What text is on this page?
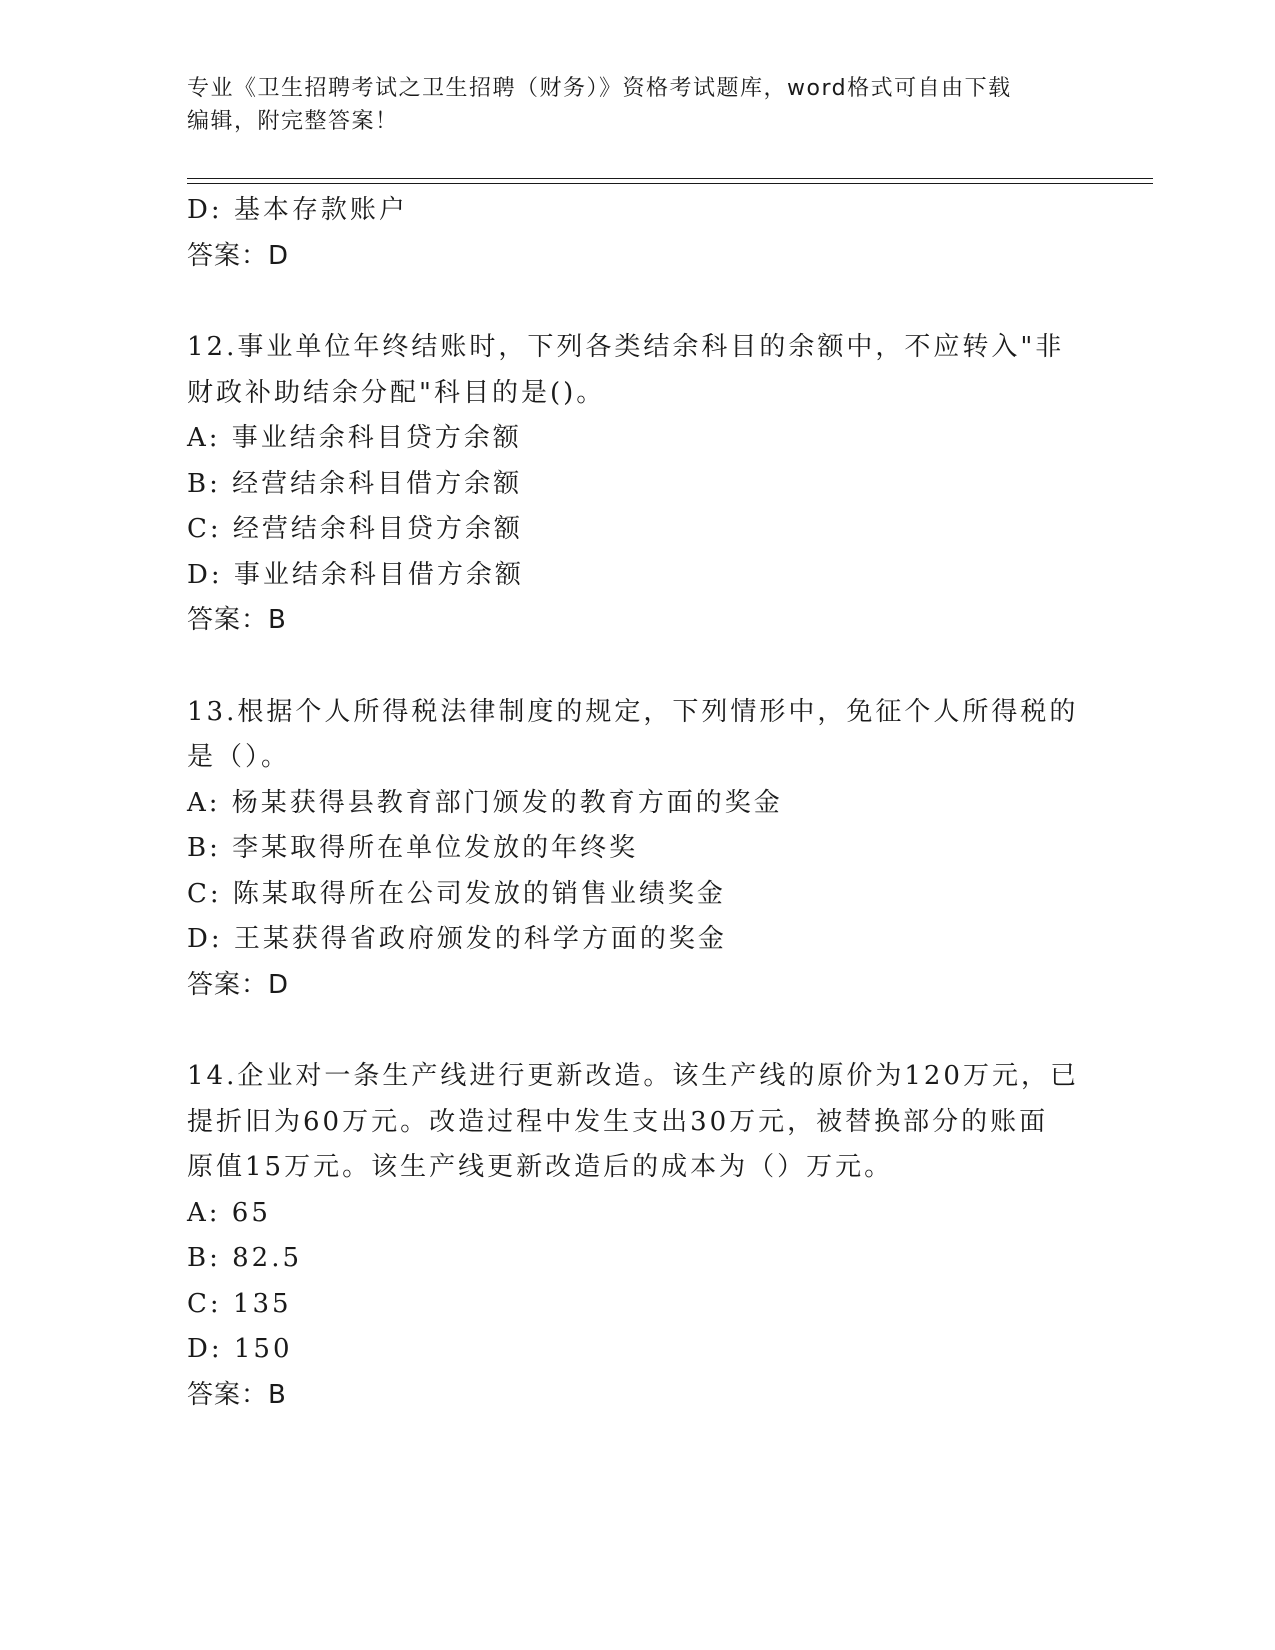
专业《卫生招聘考试之卫生招聘（财务）》资格考试题库，word格式可自由下载
编辑，附完整答案！
D: 基本存款账户
答案：D
12.事业单位年终结账时，下列各类结余科目的余额中，不应转入"非
财政补助结余分配"科目的是()。
A: 事业结余科目贷方余额
B: 经营结余科目借方余额
C: 经营结余科目贷方余额
D: 事业结余科目借方余额
答案：B
13.根据个人所得税法律制度的规定，下列情形中，免征个人所得税的
是（）。
A: 杨某获得县教育部门颁发的教育方面的奖金
B: 李某取得所在单位发放的年终奖
C: 陈某取得所在公司发放的销售业绩奖金
D: 王某获得省政府颁发的科学方面的奖金
答案：D
14.企业对一条生产线进行更新改造。该生产线的原价为120万元，已
提折旧为60万元。改造过程中发生支出30万元，被替换部分的账面
原值15万元。该生产线更新改造后的成本为（）万元。
A: 65
B: 82.5
C: 135
D: 150
答案：B
